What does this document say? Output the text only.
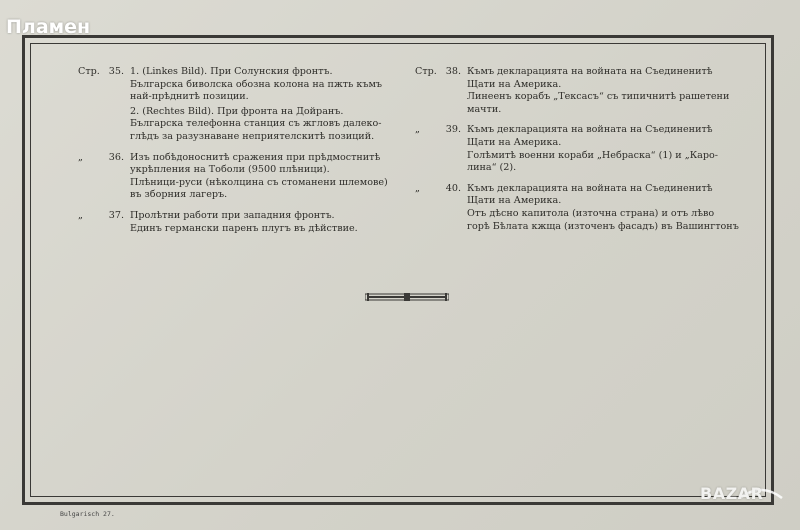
Пламен
Стр. 35. 1. (Linkes Bild). При Солунския фронтъ.
Българска биволска обозна колона на пжть къмъ
най-прѣднитѣ позиции.
2. (Rechtes Bild). При фронта на Дойранъ.
Българска телефонна станция съ жгловъ далеко-
глѣдъ за разузнаване неприятелскитѣ позиций.
„	36. Изъ побѣдоноснитѣ сражения при прѣдмостнитѣ
укрѣпления на Тоболи (9500 плѣници).
Плѣници-руси (нѣколцина съ стоманени шлемове)
въ зборния лагеръ.
„	37. Пролѣтни работи при западния фронтъ.
Единъ германски паренъ плугъ въ дѣйствие.
Стр. 38. Къмъ декларацията на войната на Съединенитѣ
Щати на Америка.
Линеенъ корабъ „Тексасъ“ съ типичнитѣ рашетени
мачти.
„	39. Къмъ декларацията на войната на Съединенитѣ
Щати на Америка.
Голѣмитѣ военни кораби „Небраска“ (1) и „Каро-
лина“ (2).
„	40. Къмъ декларацията на войната на Съединенитѣ
Щати на Америка.
Отъ дѣсно капитола (източна страна) и отъ лѣво
горѣ Бѣлата кжща (източенъ фасадъ) въ Вашингтонъ
Bulgarisch 27.
BAZAR
